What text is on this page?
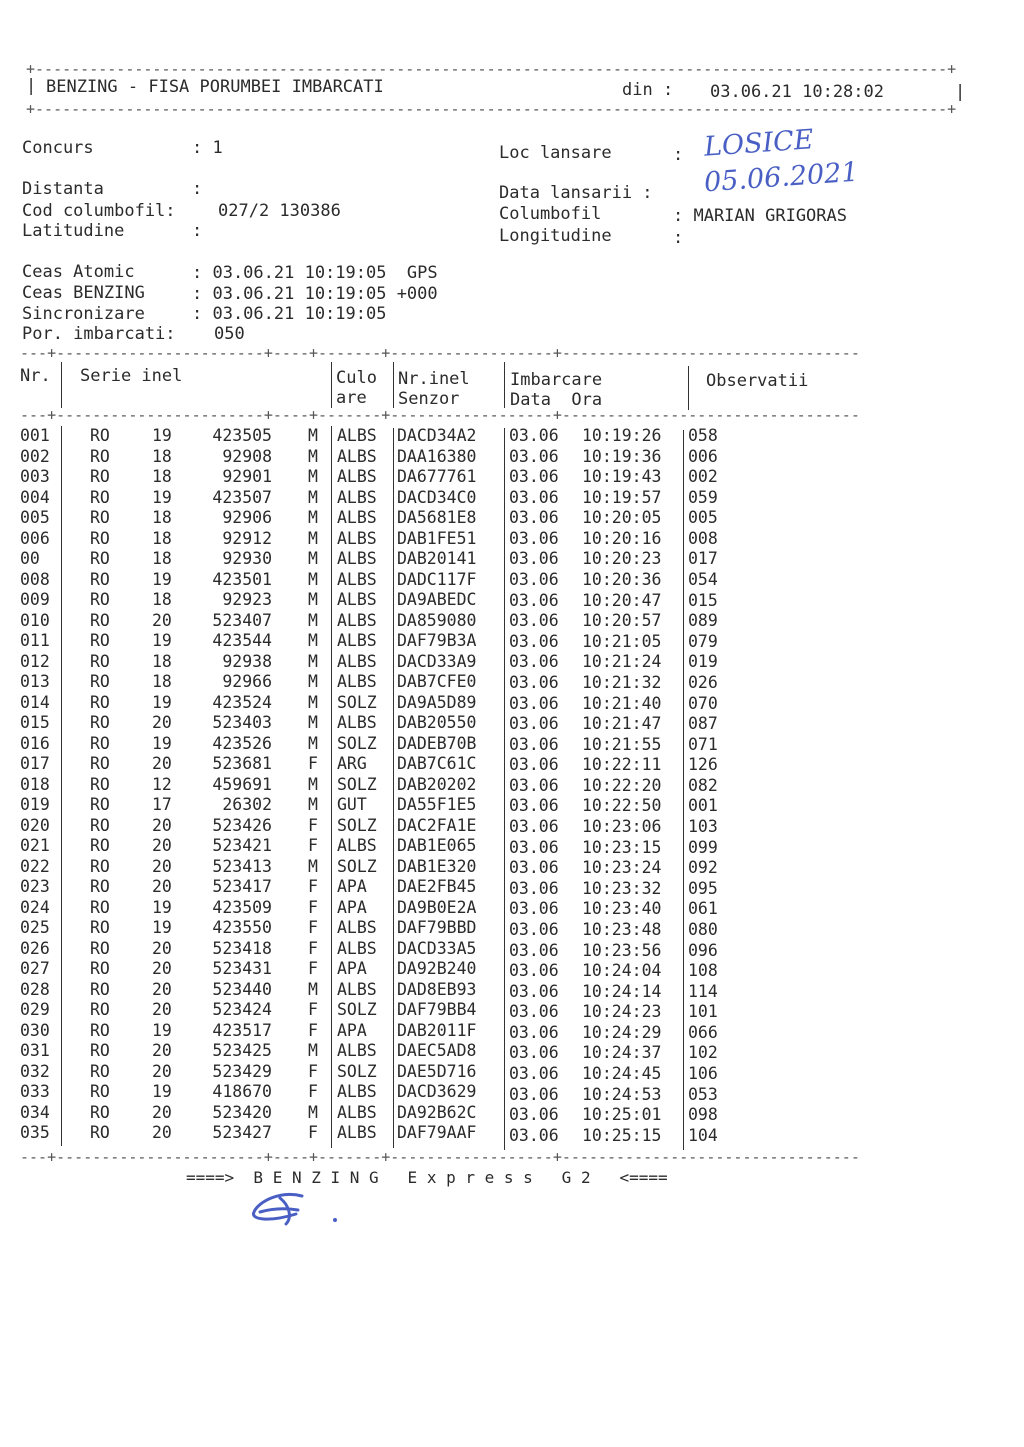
+-----------------------------------------------------------------------------------------------------+
| BENZING - FISA PORUMBEI IMBARCATI	din : 03.06.21 10:28:02	|
+-----------------------------------------------------------------------------------------------------+
Concurs	: 1	Loc lansare	: LOSICE
Distanta	:	Data lansarii : 05.06.2021
Cod columbofil: 027/2 130386	Columbofil	: MARIAN GRIGORAS
Latitudine	:	Longitudine	:
Ceas Atomic	: 03.06.21 10:19:05  GPS
Ceas BENZING	: 03.06.21 10:19:05 +000
Sincronizare	: 03.06.21 10:19:05
Por. imbarcati: 050
---+-----------------------+----+-------+------------------+---------------------------------
Nr. Serie inel	Culo
are
Nr.inel
Senzor
Imbarcare
Data  Ora
Observatii
---+-----------------------+----+-------+------------------+---------------------------------
001 RO	19 423505 M ALBS DACD34A2 03.06 10:19:26 058
002 RO	18	92908 M ALBS DAA16380 03.06 10:19:36 006
003 RO	18	92901 M ALBS DA677761 03.06 10:19:43 002
004 RO	19 423507 M ALBS DACD34C0 03.06 10:19:57 059
005 RO	18	92906 M ALBS DA5681E8 03.06 10:20:05 005
006 RO	18	92912 M ALBS DAB1FE51 03.06 10:20:16 008
00	RO	18	92930 M ALBS DAB20141 03.06 10:20:23 017
008 RO	19 423501 M ALBS DADC117F 03.06 10:20:36 054
009 RO	18	92923 M ALBS DA9ABEDC 03.06 10:20:47 015
010 RO	20 523407 M ALBS DA859080 03.06 10:20:57 089
011 RO	19 423544 M ALBS DAF79B3A 03.06 10:21:05 079
012 RO	18	92938 M ALBS DACD33A9 03.06 10:21:24 019
013 RO	18	92966 M ALBS DAB7CFE0 03.06 10:21:32 026
014 RO	19 423524 M SOLZ DA9A5D89 03.06 10:21:40 070
015 RO	20 523403 M ALBS DAB20550 03.06 10:21:47 087
016 RO	19 423526 M SOLZ DADEB70B 03.06 10:21:55 071
017 RO	20 523681 F ARG DAB7C61C 03.06 10:22:11 126
018 RO	12 459691 M SOLZ DAB20202 03.06 10:22:20 082
019 RO	17	26302 M GUT DA55F1E5 03.06 10:22:50 001
020 RO	20 523426 F SOLZ DAC2FA1E 03.06 10:23:06 103
021 RO	20 523421 F ALBS DAB1E065 03.06 10:23:15 099
022 RO	20 523413 M SOLZ DAB1E320 03.06 10:23:24 092
023 RO	20 523417 F APA DAE2FB45 03.06 10:23:32 095
024 RO	19 423509 F APA DA9B0E2A 03.06 10:23:40 061
025 RO	19 423550 F ALBS DAF79BBD 03.06 10:23:48 080
026 RO	20 523418 F ALBS DACD33A5 03.06 10:23:56 096
027 RO	20 523431 F APA DA92B240 03.06 10:24:04 108
028 RO	20 523440 M ALBS DAD8EB93 03.06 10:24:14 114
029 RO	20 523424 F SOLZ DAF79BB4 03.06 10:24:23 101
030 RO	19 423517 F APA DAB2011F 03.06 10:24:29 066
031 RO	20 523425 M ALBS DAEC5AD8 03.06 10:24:37 102
032 RO	20 523429 F SOLZ DAE5D716 03.06 10:24:45 106
033 RO	19 418670 F ALBS DACD3629 03.06 10:24:53 053
034 RO	20 523420 M ALBS DA92B62C 03.06 10:25:01 098
035 RO	20 523427 F ALBS DAF79AAF 03.06 10:25:15 104
---+-----------------------+----+-------+------------------+---------------------------------
====>  B E N Z I N G   E x p r e s s   G 2   <====
